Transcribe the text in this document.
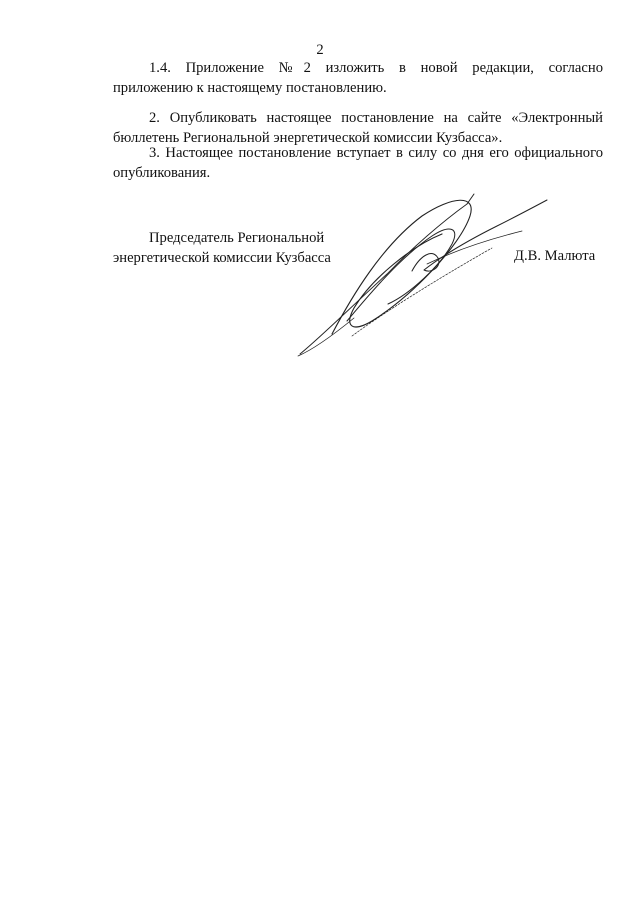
2
1.4. Приложение №2 изложить в новой редакции, согласно
приложению к настоящему постановлению.
2. Опубликовать настоящее постановление на сайте «Электронный
бюллетень Региональной энергетической комиссии Кузбасса».
3. Настоящее постановление вступает в силу со дня его официального
опубликования.
Председатель Региональной
энергетической комиссии Кузбасса	Д.В. Малюта
